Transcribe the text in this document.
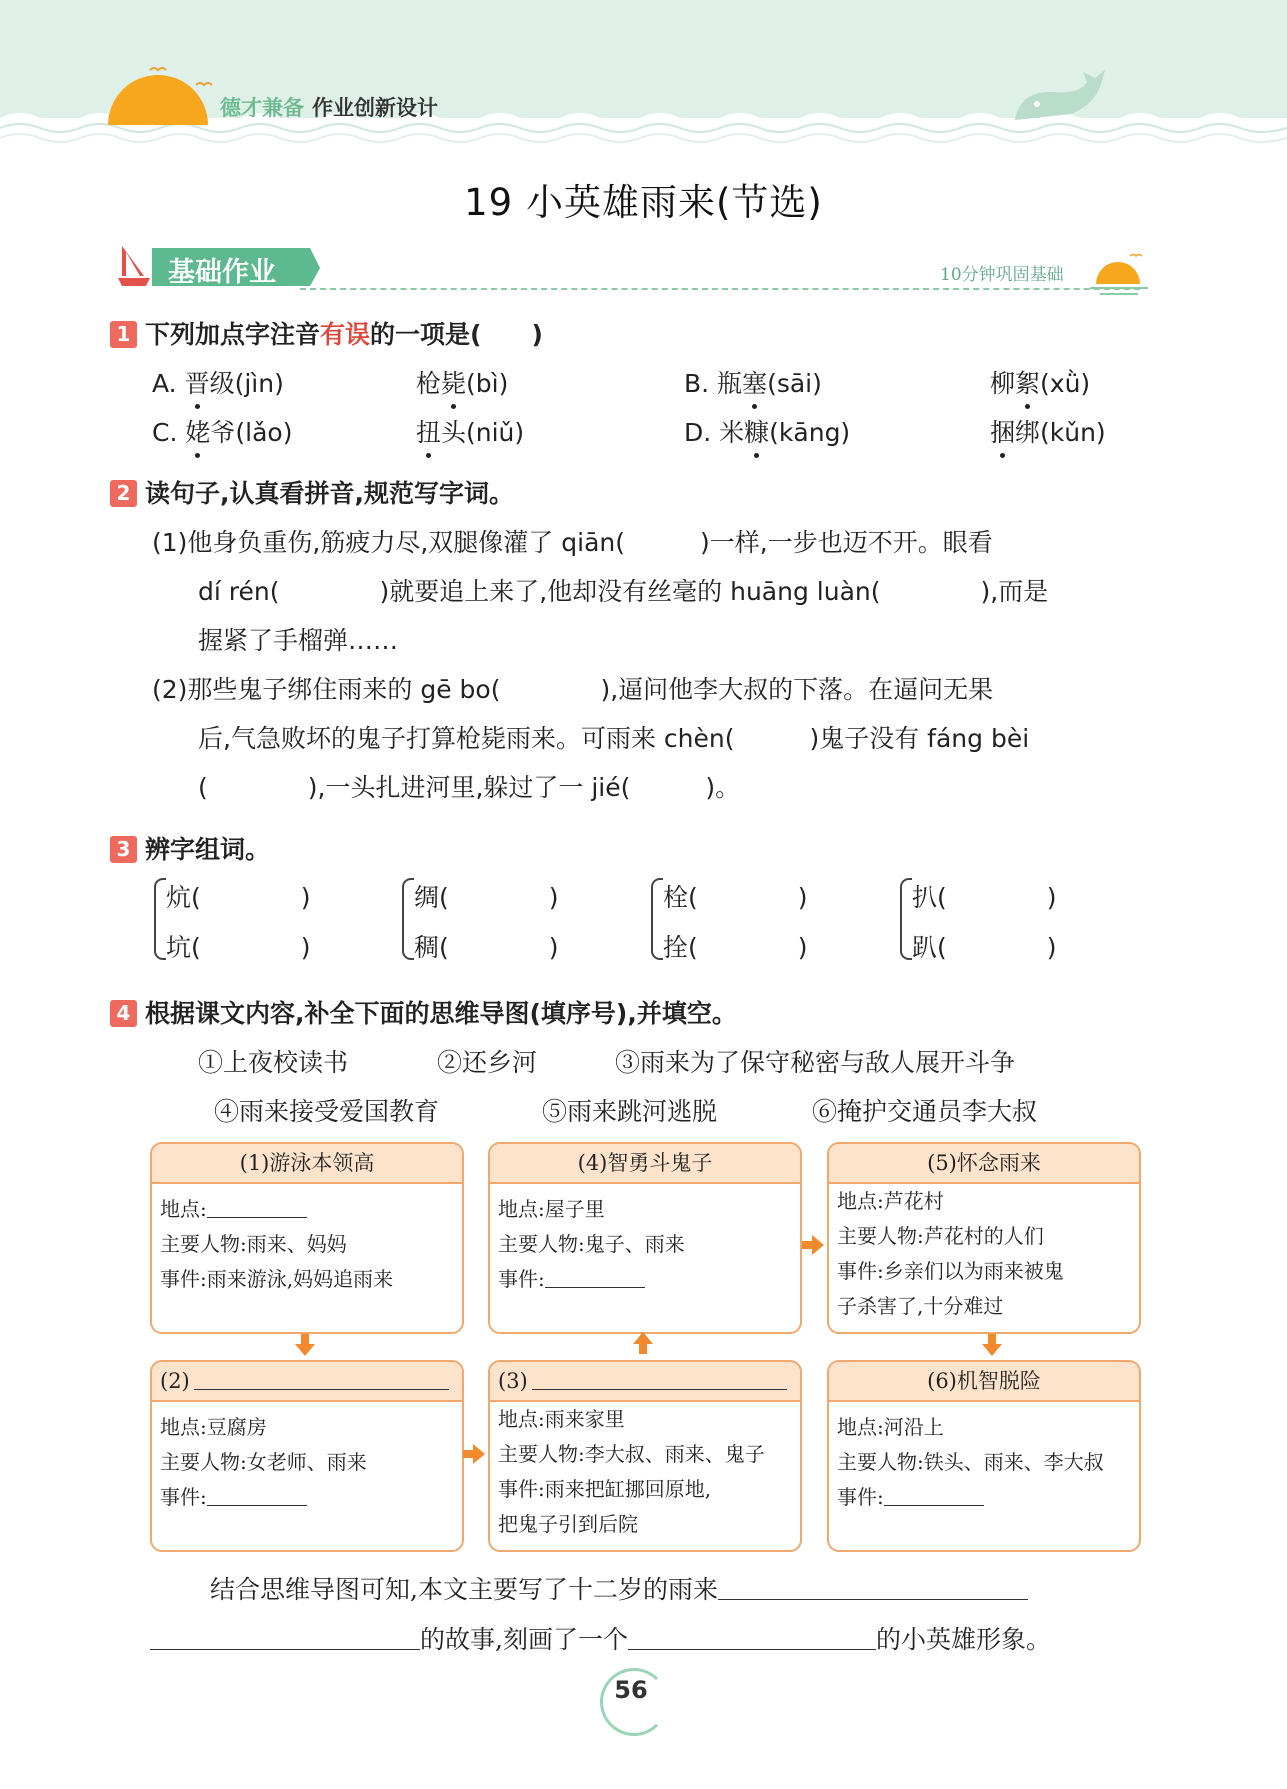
德才兼备 作业创新设计
19 小英雄雨来(节选)
基础作业	10分钟巩固基础
1 下列加点字注音有误的一项是(　　)
A. 晋级(jìn)	枪毙(bì)	B. 瓶塞(sāi)	柳絮(xǜ)
C. 姥爷(lǎo)	扭头(niǔ)	D. 米糠(kāng)	捆绑(kǔn)
2 读句子,认真看拼音,规范写字词。
(1)他身负重伤,筋疲力尽,双腿像灌了 qiān(　　　)一样,一步也迈不开。眼看
dí rén(　　　　)就要追上来了,他却没有丝毫的 huāng luàn(　　　　),而是
握紧了手榴弹……
(2)那些鬼子绑住雨来的 gē bo(　　　　),逼问他李大叔的下落。在逼问无果
后,气急败坏的鬼子打算枪毙雨来。可雨来 chèn(　　　)鬼子没有 fáng bèi
(　　　　),一头扎进河里,躲过了一 jié(　　　)。
3 辨字组词。
炕(　　　　)
坑(　　　　)
绸(　　　　)
稠(　　　　)
栓(　　　　)
拴(　　　　)
扒(　　　　)
趴(　　　　)
4 根据课文内容,补全下面的思维导图(填序号),并填空。
①上夜校读书	②还乡河	③雨来为了保守秘密与敌人展开斗争
④雨来接受爱国教育	⑤雨来跳河逃脱	⑥掩护交通员李大叔
(1)游泳本领高
地点:
主要人物:雨来、妈妈
事件:雨来游泳,妈妈追雨来
(4)智勇斗鬼子
地点:屋子里
主要人物:鬼子、雨来
事件:
(5)怀念雨来
地点:芦花村
主要人物:芦花村的人们
事件:乡亲们以为雨来被鬼
子杀害了,十分难过
(2)
地点:豆腐房
主要人物:女老师、雨来
事件:
(3)
地点:雨来家里
主要人物:李大叔、雨来、鬼子
事件:雨来把缸挪回原地,
把鬼子引到后院
(6)机智脱险
地点:河沿上
主要人物:铁头、雨来、李大叔
事件:
结合思维导图可知,本文主要写了十二岁的雨来
的故事,刻画了一个	的小英雄形象。
56
